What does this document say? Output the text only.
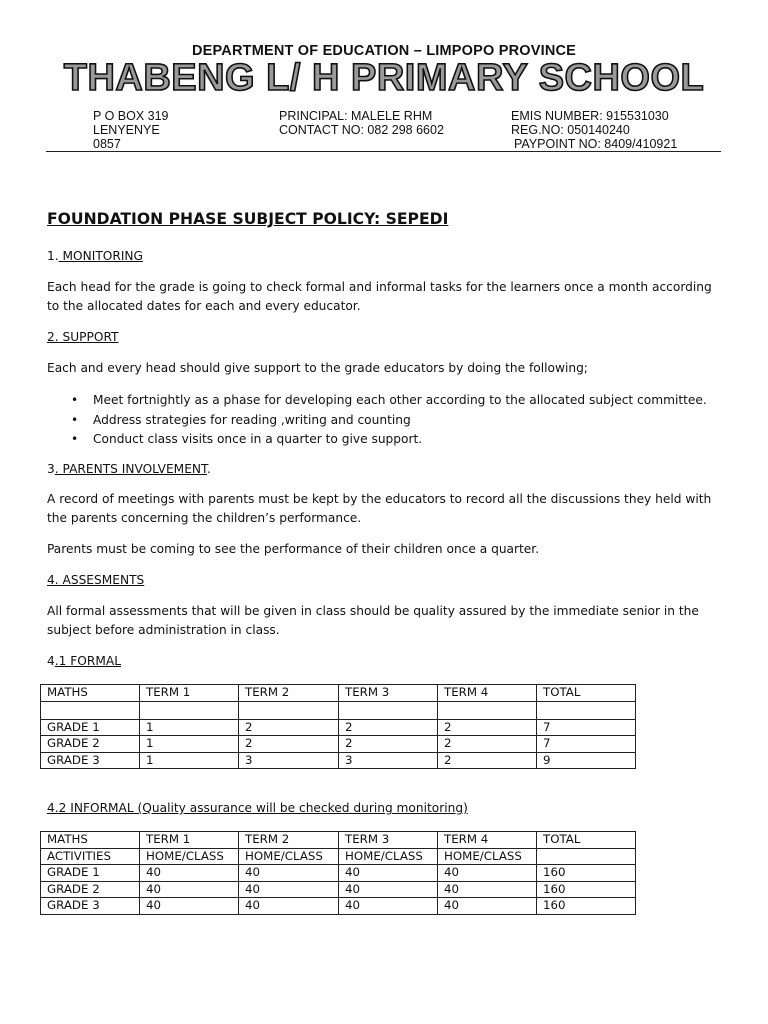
DEPARTMENT OF EDUCATION – LIMPOPO PROVINCE
THABENG L/ H PRIMARY SCHOOL
P O BOX 319
LENYENYE
0857
PRINCIPAL: MALELE RHM
CONTACT NO: 082 298 6602
EMIS NUMBER: 915531030
REG.NO: 050140240
PAYPOINT NO: 8409/410921
FOUNDATION PHASE SUBJECT POLICY: SEPEDI
1. MONITORING
Each head for the grade is going to check formal and informal tasks for the learners once a month according to the allocated dates for each and every educator.
2. SUPPORT
Each and every head should give support to the grade educators by doing the following;
• Meet fortnightly as a phase for developing each other according to the allocated subject committee.
• Address strategies for reading ,writing and counting
• Conduct class visits once in a quarter to give support.
3. PARENTS INVOLVEMENT.
A record of meetings with parents must be kept by the educators to record all the discussions they held with the parents concerning the children’s performance.
Parents must be coming to see the performance of their children once a quarter.
4. ASSESMENTS
All formal assessments that will be given in class should be quality assured by the immediate senior in the subject before administration in class.
4.1 FORMAL
MATHS	TERM 1	TERM 2	TERM 3	TERM 4	TOTAL

GRADE 1	1	2	2	2	7
GRADE 2	1	2	2	2	7
GRADE 3	1	3	3	2	9
4.2 INFORMAL (Quality assurance will be checked during monitoring)
MATHS	TERM 1	TERM 2	TERM 3	TERM 4	TOTAL
ACTIVITIES	HOME/CLASS	HOME/CLASS	HOME/CLASS	HOME/CLASS	
GRADE 1	40	40	40	40	160
GRADE 2	40	40	40	40	160
GRADE 3	40	40	40	40	160
